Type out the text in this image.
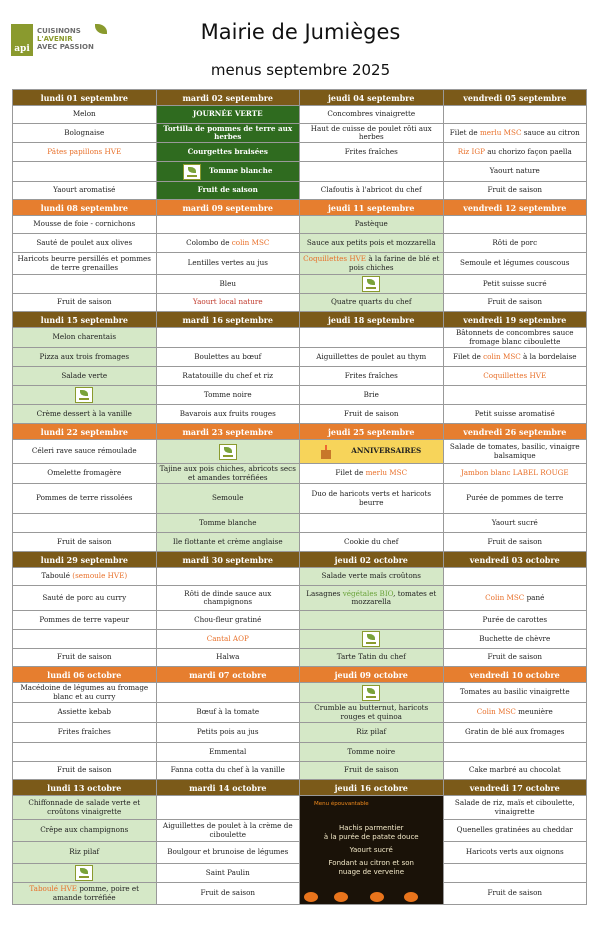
api
CUISINONS
L'AVENIR
AVEC PASSION
Mairie de Jumièges
menus septembre 2025
lundi 01 septembre
Melon
Bolognaise
Pâtes papillons HVE
Yaourt aromatisé
mardi 02 septembre
JOURNÉE VERTE
Tortilla de pommes de terre aux herbes
Courgettes braisées
Tomme blanche
Fruit de saison
jeudi 04 septembre
Concombres vinaigrette
Haut de cuisse de poulet rôti aux herbes
Frites fraîches
Clafoutis à l'abricot du chef
vendredi 05 septembre
Filet de merlu MSC sauce au citron
Riz IGP au chorizo façon paella
Yaourt nature
Fruit de saison
lundi 08 septembre
Mousse de foie - cornichons
Sauté de poulet aux olives
Haricots beurre persillés et pommes de terre grenailles
Fruit de saison
mardi 09 septembre
Colombo de colin MSC
Lentilles vertes au jus
Bleu
Yaourt local nature
jeudi 11 septembre
Pastèque
Sauce aux petits pois et mozzarella
Coquillettes HVE à la farine de blé et pois chiches
Quatre quarts du chef
vendredi 12 septembre
Rôti de porc
Semoule et légumes couscous
Petit suisse sucré
Fruit de saison
lundi 15 septembre
Melon charentais
Pizza aux trois fromages
Salade verte
Crème dessert à la vanille
mardi 16 septembre
Boulettes au bœuf
Ratatouille du chef et riz
Tomme noire
Bavarois aux fruits rouges
jeudi 18 septembre
Aiguillettes de poulet au thym
Frites fraîches
Brie
Fruit de saison
vendredi 19 septembre
Bâtonnets de concombres sauce fromage blanc ciboulette
Filet de colin MSC à la bordelaise
Coquillettes HVE
Petit suisse aromatisé
lundi 22 septembre
Céleri rave sauce rémoulade
Omelette fromagère
Pommes de terre rissolées
Fruit de saison
mardi 23 septembre
Tajine aux pois chiches, abricots secs et amandes torréfiées
Semoule
Tomme blanche
Ile flottante et crème anglaise
jeudi 25 septembre
ANNIVERSAIRES
Filet de merlu MSC
Duo de haricots verts et haricots beurre
Cookie du chef
vendredi 26 septembre
Salade de tomates, basilic, vinaigre balsamique
Jambon blanc LABEL ROUGE
Purée de pommes de terre
Yaourt sucré
Fruit de saison
lundi 29 septembre
Taboulé (semoule HVE)
Sauté de porc au curry
Pommes de terre vapeur
Fruit de saison
mardi 30 septembre
Rôti de dinde sauce aux champignons
Chou-fleur gratiné
Cantal AOP
Halwa
jeudi 02 octobre
Salade verte maïs croûtons
Lasagnes végétales BIO, tomates et mozzarella
Tarte Tatin du chef
vendredi 03 octobre
Colin MSC pané
Purée de carottes
Buchette de chèvre
Fruit de saison
lundi 06 octobre
Macédoine de légumes au fromage blanc et au curry
Assiette kebab
Frites fraîches
Fruit de saison
mardi 07 octobre
Bœuf à la tomate
Petits pois au jus
Emmental
Fanna cotta du chef à la vanille
jeudi 09 octobre
Crumble au butternut, haricots rouges et quinoa
Riz pilaf
Tomme noire
Fruit de saison
vendredi 10 octobre
Tomates au basilic vinaigrette
Colin MSC meunière
Gratin de blé aux fromages
Cake marbré au chocolat
lundi 13 octobre
Chiffonnade de salade verte et croûtons vinaigrette
Crêpe aux champignons
Riz pilaf
Taboulé HVE pomme, poire et amande torréfiée
mardi 14 octobre
Aiguillettes de poulet à la crème de ciboulette
Boulgour et brunoise de légumes
Saint Paulin
Fruit de saison
jeudi 16 octobre
Menu épouvantable
Hachis parmentier
à la purée de patate douce
Yaourt sucré
Fondant au citron et son
nuage de verveine
vendredi 17 octobre
Salade de riz, maïs et ciboulette, vinaigrette
Quenelles gratinées au cheddar
Haricots verts aux oignons
Fruit de saison
